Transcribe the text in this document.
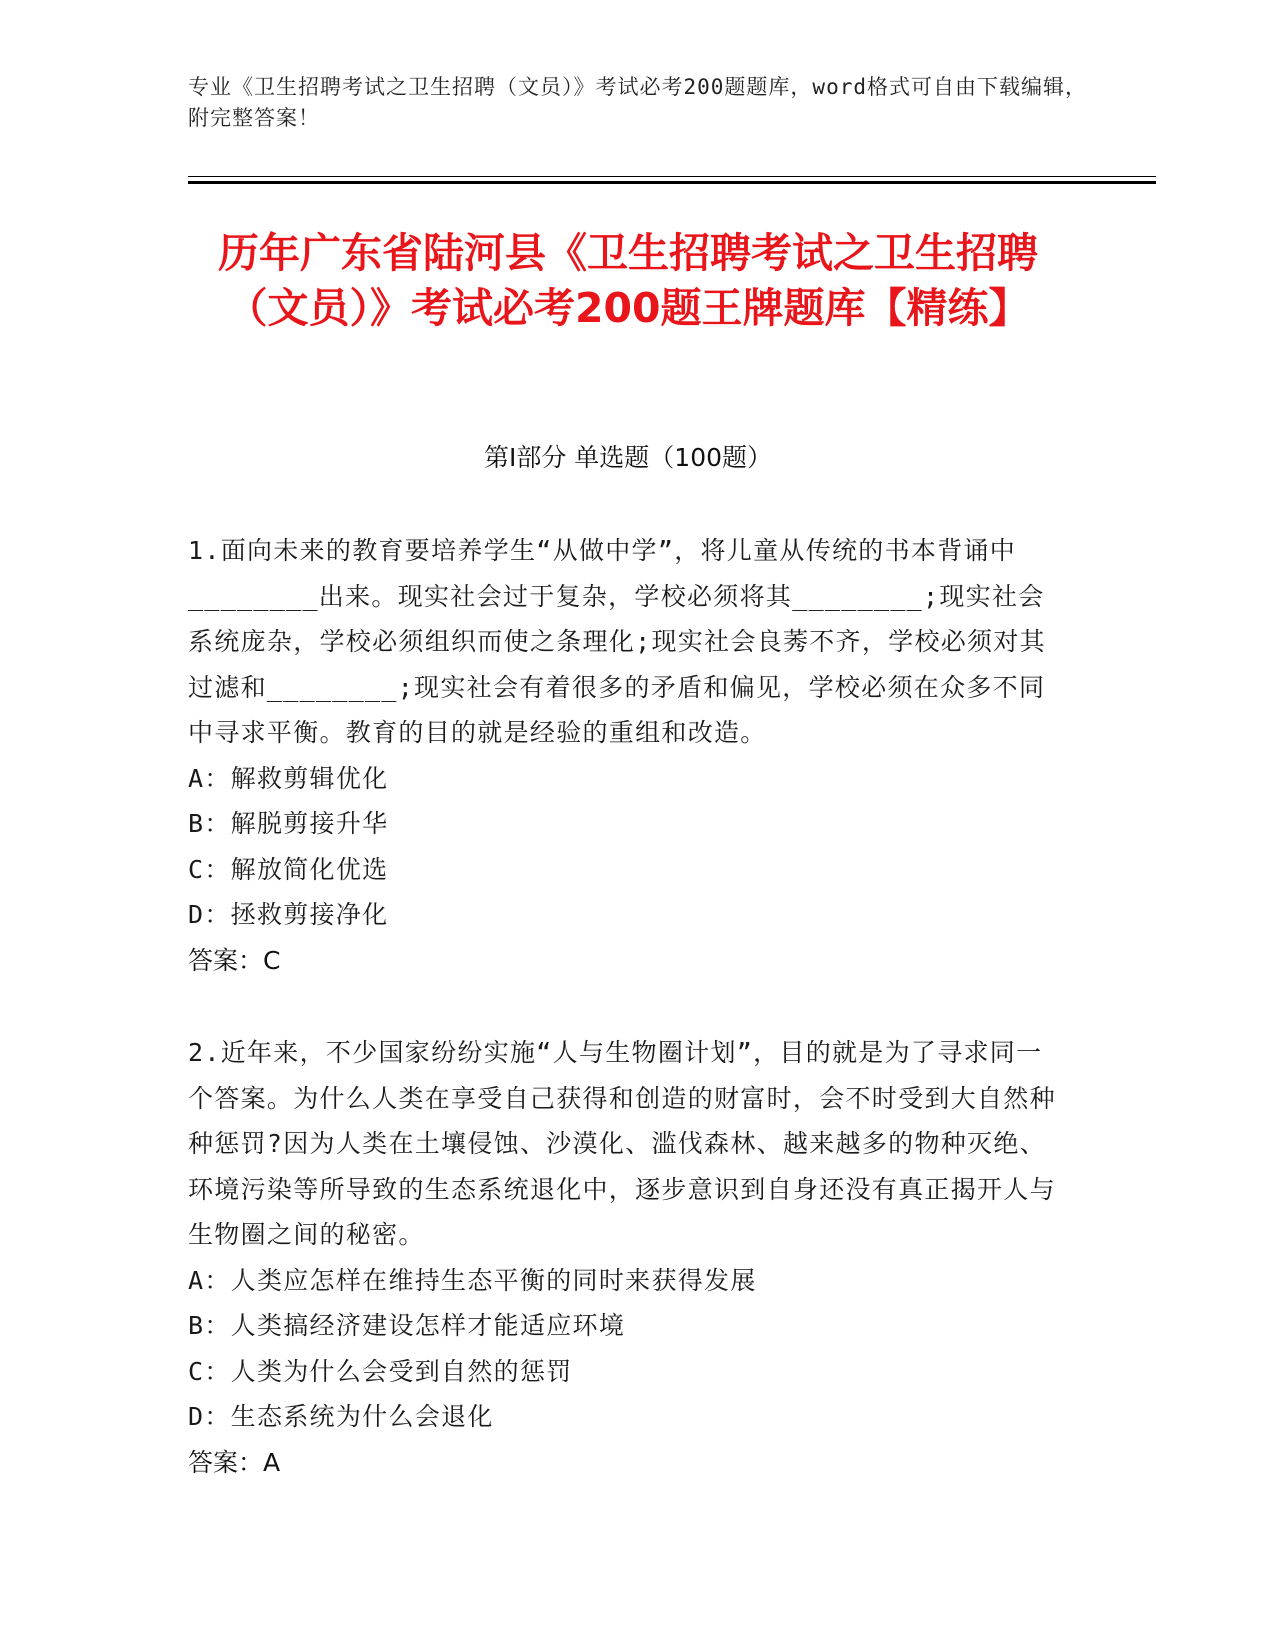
专业《卫生招聘考试之卫生招聘（文员）》考试必考200题题库，word格式可自由下载编辑，附完整答案！
历年广东省陆河县《卫生招聘考试之卫生招聘（文员）》考试必考200题王牌题库【精练】
第Ⅰ部分 单选题（100题）
1.面向未来的教育要培养学生“从做中学”，将儿童从传统的书本背诵中________出来。现实社会过于复杂，学校必须将其________;现实社会系统庞杂，学校必须组织而使之条理化;现实社会良莠不齐，学校必须对其过滤和________;现实社会有着很多的矛盾和偏见，学校必须在众多不同中寻求平衡。教育的目的就是经验的重组和改造。
A：解救剪辑优化
B：解脱剪接升华
C：解放简化优选
D：拯救剪接净化
答案：C
2.近年来，不少国家纷纷实施“人与生物圈计划”，目的就是为了寻求同一个答案。为什么人类在享受自己获得和创造的财富时，会不时受到大自然种种惩罚?因为人类在土壤侵蚀、沙漠化、滥伐森林、越来越多的物种灭绝、环境污染等所导致的生态系统退化中，逐步意识到自身还没有真正揭开人与生物圈之间的秘密。
A：人类应怎样在维持生态平衡的同时来获得发展
B：人类搞经济建设怎样才能适应环境
C：人类为什么会受到自然的惩罚
D：生态系统为什么会退化
答案：A
